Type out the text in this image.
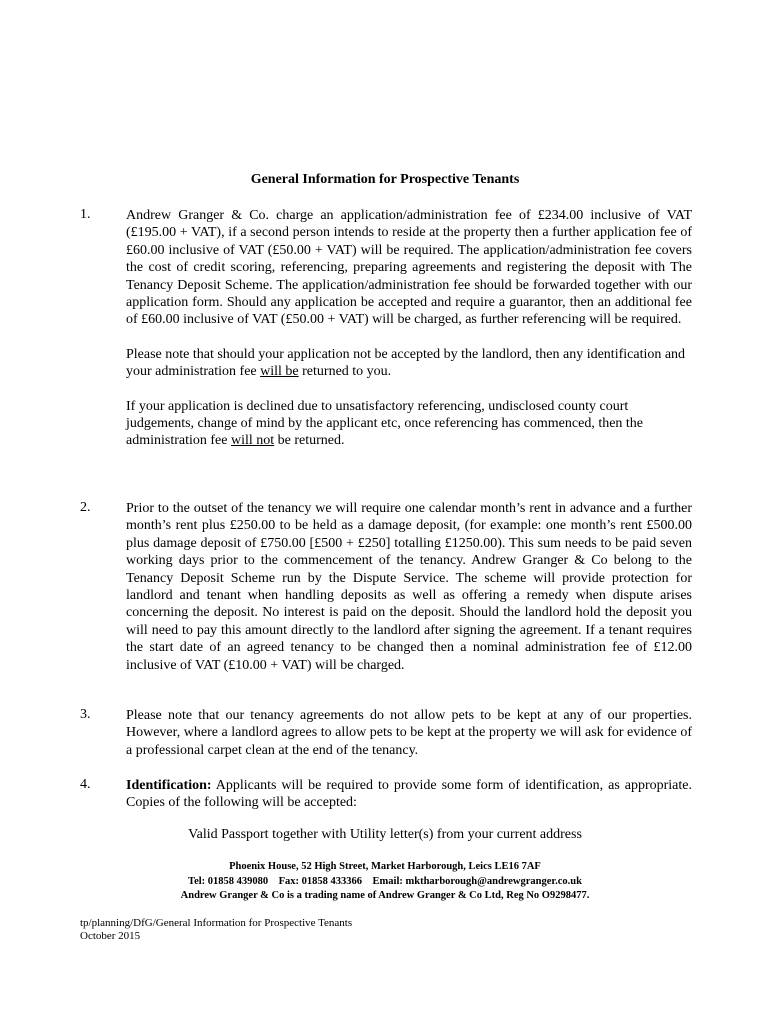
General Information for Prospective Tenants
1.	Andrew Granger & Co. charge an application/administration fee of £234.00 inclusive of VAT (£195.00 + VAT), if a second person intends to reside at the property then a further application fee of £60.00 inclusive of VAT (£50.00 + VAT) will be required. The application/administration fee covers the cost of credit scoring, referencing, preparing agreements and registering the deposit with The Tenancy Deposit Scheme. The application/administration fee should be forwarded together with our application form. Should any application be accepted and require a guarantor, then an additional fee of £60.00 inclusive of VAT (£50.00 + VAT) will be charged, as further referencing will be required.
Please note that should your application not be accepted by the landlord, then any identification and your administration fee will be returned to you.
If your application is declined due to unsatisfactory referencing, undisclosed county court judgements, change of mind by the applicant etc, once referencing has commenced, then the administration fee will not be returned.
2.	Prior to the outset of the tenancy we will require one calendar month’s rent in advance and a further month’s rent plus £250.00 to be held as a damage deposit, (for example: one month’s rent £500.00 plus damage deposit of £750.00 [£500 + £250] totalling £1250.00). This sum needs to be paid seven working days prior to the commencement of the tenancy. Andrew Granger & Co belong to the Tenancy Deposit Scheme run by the Dispute Service. The scheme will provide protection for landlord and tenant when handling deposits as well as offering a remedy when dispute arises concerning the deposit. No interest is paid on the deposit. Should the landlord hold the deposit you will need to pay this amount directly to the landlord after signing the agreement. If a tenant requires the start date of an agreed tenancy to be changed then a nominal administration fee of £12.00 inclusive of VAT (£10.00 + VAT) will be charged.
3.	Please note that our tenancy agreements do not allow pets to be kept at any of our properties. However, where a landlord agrees to allow pets to be kept at the property we will ask for evidence of a professional carpet clean at the end of the tenancy.
4.	Identification: Applicants will be required to provide some form of identification, as appropriate. Copies of the following will be accepted:
Valid Passport together with Utility letter(s) from your current address
Phoenix House, 52 High Street, Market Harborough, Leics LE16 7AF
Tel: 01858 439080    Fax: 01858 433366    Email: mktharborough@andrewgranger.co.uk
Andrew Granger & Co is a trading name of Andrew Granger & Co Ltd, Reg No O9298477.
tp/planning/DfG/General Information for Prospective Tenants
October 2015
